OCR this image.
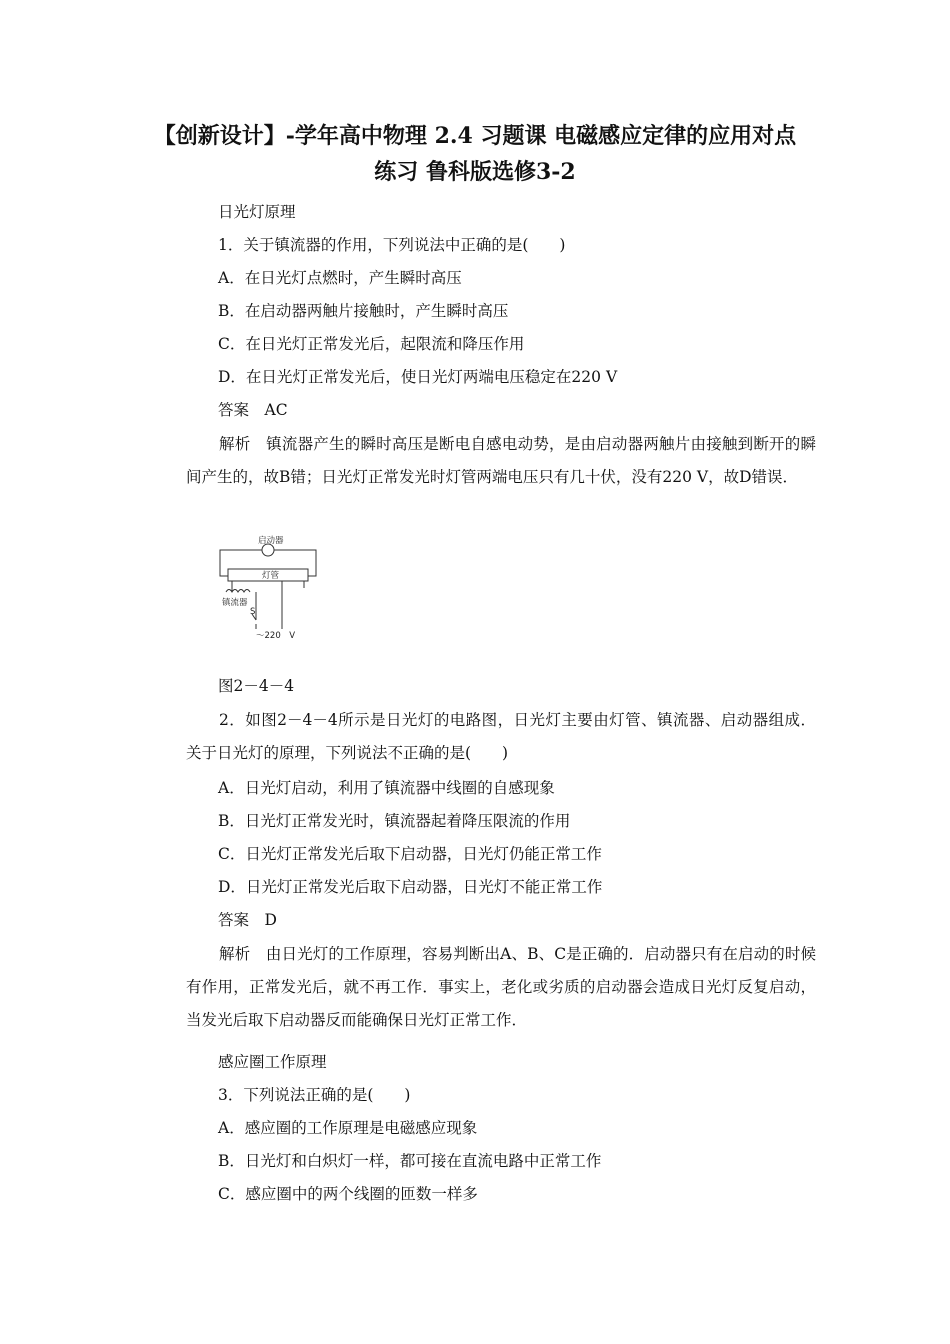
【创新设计】-学年高中物理 2.4 习题课 电磁感应定律的应用对点
练习 鲁科版选修3-2
日光灯原理
1．关于镇流器的作用，下列说法中正确的是(　　)
A．在日光灯点燃时，产生瞬时高压
B．在启动器两触片接触时，产生瞬时高压
C．在日光灯正常发光后，起限流和降压作用
D．在日光灯正常发光后，使日光灯两端电压稳定在220 V
答案　AC
解析　镇流器产生的瞬时高压是断电自感电动势，是由启动器两触片由接触到断开的瞬间产生的，故B错；日光灯正常发光时灯管两端电压只有几十伏，没有220 V，故D错误．
启动器
灯管
镇流器
S
～220　V
图2－4－4
2．如图2－4－4所示是日光灯的电路图，日光灯主要由灯管、镇流器、启动器组成．关于日光灯的原理，下列说法不正确的是(　　)
A．日光灯启动，利用了镇流器中线圈的自感现象
B．日光灯正常发光时，镇流器起着降压限流的作用
C．日光灯正常发光后取下启动器，日光灯仍能正常工作
D．日光灯正常发光后取下启动器，日光灯不能正常工作
答案　D
解析　由日光灯的工作原理，容易判断出A、B、C是正确的．启动器只有在启动的时候有作用，正常发光后，就不再工作．事实上，老化或劣质的启动器会造成日光灯反复启动，当发光后取下启动器反而能确保日光灯正常工作．
感应圈工作原理
3．下列说法正确的是(　　)
A．感应圈的工作原理是电磁感应现象
B．日光灯和白炽灯一样，都可接在直流电路中正常工作
C．感应圈中的两个线圈的匝数一样多
